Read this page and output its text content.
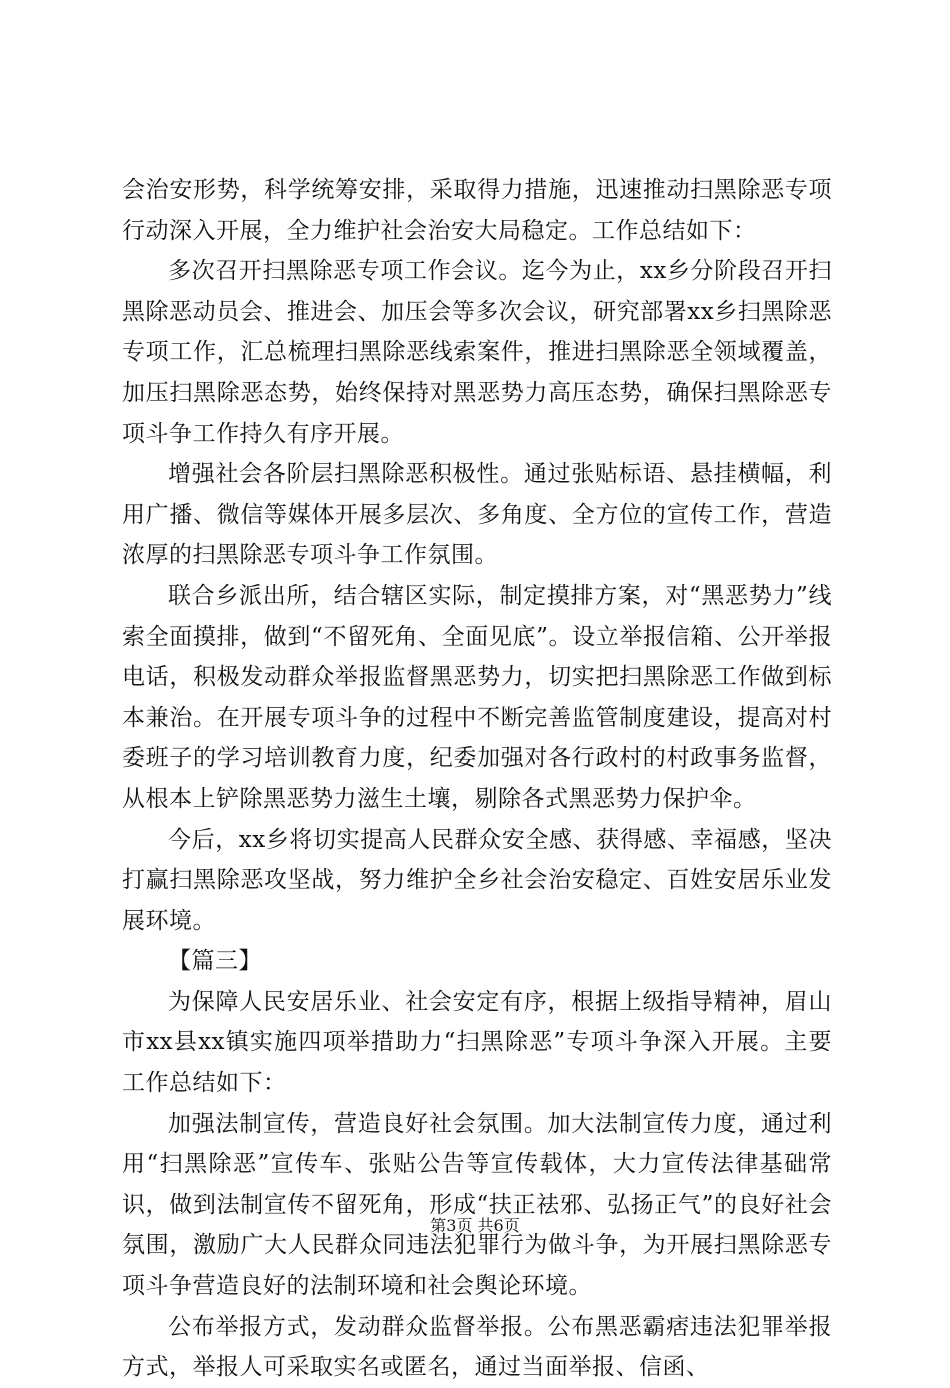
会治安形势，科学统筹安排，采取得力措施，迅速推动扫黑除恶专项行动深入开展，全力维护社会治安大局稳定。工作总结如下：

多次召开扫黑除恶专项工作会议。迄今为止，xx乡分阶段召开扫黑除恶动员会、推进会、加压会等多次会议，研究部署xx乡扫黑除恶专项工作，汇总梳理扫黑除恶线索案件，推进扫黑除恶全领域覆盖，加压扫黑除恶态势，始终保持对黑恶势力高压态势，确保扫黑除恶专项斗争工作持久有序开展。

增强社会各阶层扫黑除恶积极性。通过张贴标语、悬挂横幅，利用广播、微信等媒体开展多层次、多角度、全方位的宣传工作，营造浓厚的扫黑除恶专项斗争工作氛围。

联合乡派出所，结合辖区实际，制定摸排方案，对“黑恶势力”线索全面摸排，做到“不留死角、全面见底”。设立举报信箱、公开举报电话，积极发动群众举报监督黑恶势力，切实把扫黑除恶工作做到标本兼治。在开展专项斗争的过程中不断完善监管制度建设，提高对村委班子的学习培训教育力度，纪委加强对各行政村的村政事务监督，从根本上铲除黑恶势力滋生土壤，剔除各式黑恶势力保护伞。

今后，xx乡将切实提高人民群众安全感、获得感、幸福感，坚决打赢扫黑除恶攻坚战，努力维护全乡社会治安稳定、百姓安居乐业发展环境。

【篇三】

为保障人民安居乐业、社会安定有序，根据上级指导精神，眉山市xx县xx镇实施四项举措助力“扫黑除恶”专项斗争深入开展。主要工作总结如下：

加强法制宣传，营造良好社会氛围。加大法制宣传力度，通过利用“扫黑除恶”宣传车、张贴公告等宣传载体，大力宣传法律基础常识，做到法制宣传不留死角，形成“扶正祛邪、弘扬正气”的良好社会氛围，激励广大人民群众同违法犯罪行为做斗争，为开展扫黑除恶专项斗争营造良好的法制环境和社会舆论环境。

公布举报方式，发动群众监督举报。公布黑恶霸痞违法犯罪举报方式，举报人可采取实名或匿名，通过当面举报、信函、

第3页 共6页
